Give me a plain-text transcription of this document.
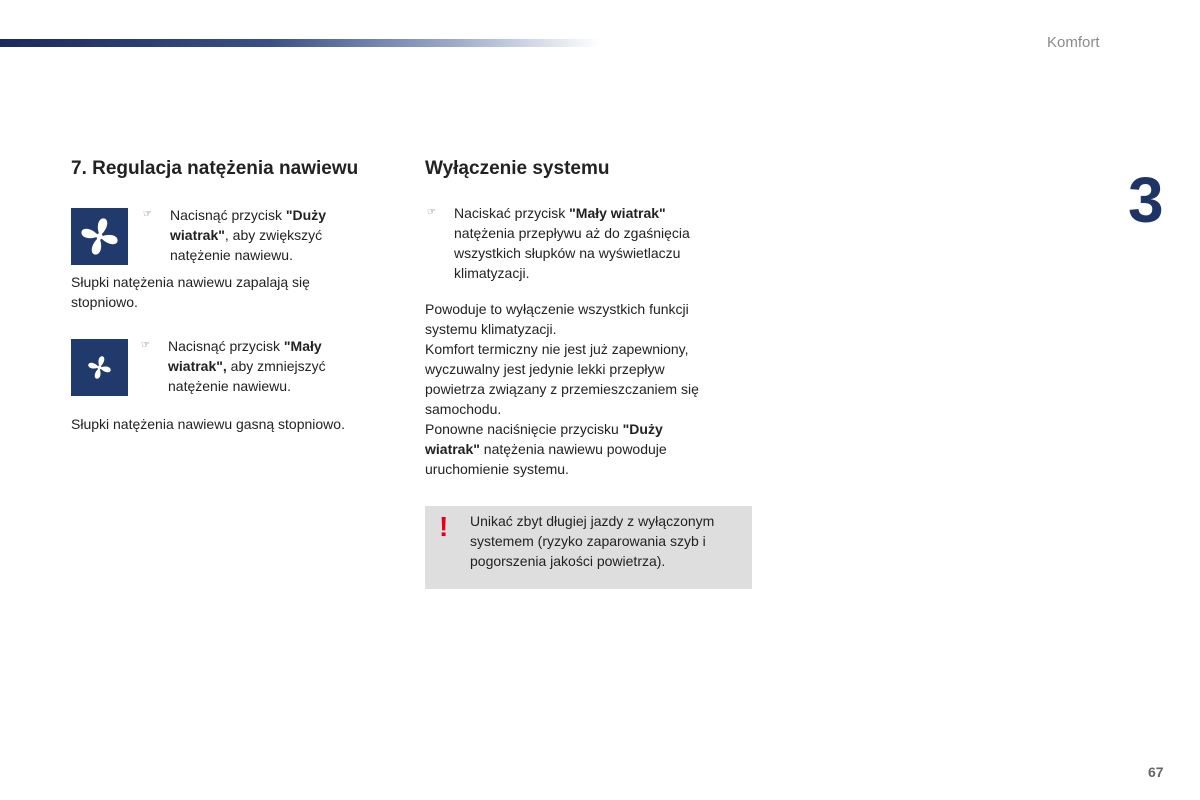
Komfort
3
7. Regulacja natężenia nawiewu
☞ Nacisnąć przycisk "Duży
wiatrak", aby zwiększyć
natężenie nawiewu.

Słupki natężenia nawiewu zapalają się
stopniowo.

☞ Nacisnąć przycisk "Mały
wiatrak", aby zmniejszyć
natężenie nawiewu.

Słupki natężenia nawiewu gasną stopniowo.

Wyłączenie systemu
☞ Naciskać przycisk "Mały wiatrak"
natężenia przepływu aż do zgaśnięcia
wszystkich słupków na wyświetlaczu
klimatyzacji.

Powoduje to wyłączenie wszystkich funkcji
systemu klimatyzacji.
Komfort termiczny nie jest już zapewniony,
wyczuwalny jest jedynie lekki przepływ
powietrza związany z przemieszczaniem się
samochodu.
Ponowne naciśnięcie przycisku "Duży
wiatrak" natężenia nawiewu powoduje
uruchomienie systemu.

! Unikać zbyt długiej jazdy z wyłączonym
systemem (ryzyko zaparowania szyb i
pogorszenia jakości powietrza).
67
